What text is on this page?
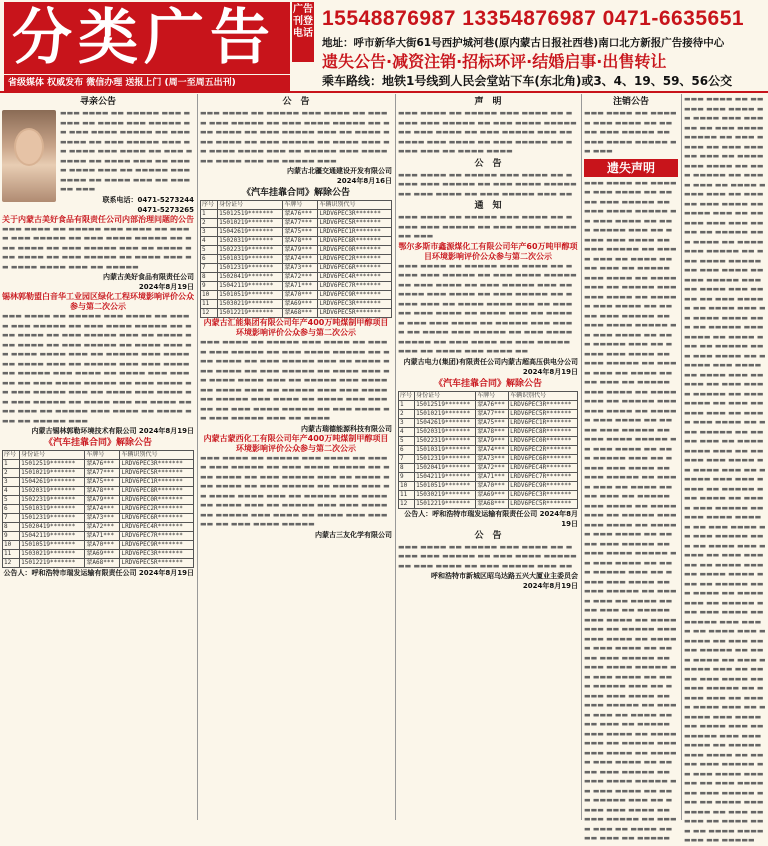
分类广告
省级媒体 权威发布 微信办理 送报上门 (周一至周五出刊)
广告刊登电话
15548876987 13354876987 0471-6635651
地址：呼市新华大街61号西护城河巷(原内蒙古日报社西巷)南口北方新报广告接待中心
遗失公告·减资注销·招标环评·结婚启事·出售转让
乘车路线：地铁1号线到人民会堂站下车(东北角)或3、4、19、59、56公交
寻亲公告
▬▬▬ ▬▬▬▬ ▬▬ ▬▬▬▬▬ ▬▬▬ ▬▬▬▬ ▬▬ ▬▬▬▬ ▬▬▬ ▬▬▬▬▬ ▬▬ ▬▬▬ ▬▬▬▬ ▬▬▬▬▬ ▬▬ ▬▬▬ ▬▬▬▬ ▬▬ ▬▬▬ ▬▬▬▬▬ ▬▬▬ ▬▬ ▬▬▬▬ ▬▬▬ ▬▬▬▬ ▬▬ ▬▬▬ ▬▬▬▬▬ ▬▬ ▬▬▬▬ ▬▬▬ ▬▬ ▬▬▬▬ ▬▬▬▬ ▬▬▬ ▬▬ ▬▬▬▬▬ ▬▬▬ ▬▬▬▬ ▬▬ ▬▬▬▬ ▬▬▬ ▬▬ ▬▬▬▬▬ ▬▬▬
联系电话：0471-5273244
0471-5273265
关于内蒙古美好食品有限责任公司内部治理问题的公告
▬▬▬ ▬▬▬▬ ▬▬ ▬▬▬▬▬ ▬▬▬ ▬▬▬▬ ▬▬ ▬▬▬▬ ▬▬▬ ▬▬▬▬▬ ▬▬ ▬▬▬ ▬▬▬▬ ▬▬▬▬▬ ▬▬ ▬▬▬ ▬▬▬▬ ▬▬ ▬▬▬ ▬▬▬▬▬ ▬▬▬ ▬▬ ▬▬▬▬ ▬▬▬ ▬▬▬▬ ▬▬ ▬▬▬ ▬▬▬▬▬ ▬▬ ▬▬▬▬ ▬▬▬ ▬▬ ▬▬▬▬ ▬▬▬▬ ▬▬▬ ▬▬ ▬▬▬▬▬
内蒙古美好食品有限责任公司
2024年8月19日
锡林郭勒盟白音华工业园区绿化工程环境影响评价公众参与第二次公示
▬▬▬ ▬▬▬▬ ▬▬ ▬▬▬▬▬ ▬▬▬ ▬▬▬▬ ▬▬ ▬▬▬▬ ▬▬▬ ▬▬▬▬▬ ▬▬ ▬▬▬ ▬▬▬▬ ▬▬▬▬▬ ▬▬ ▬▬▬ ▬▬▬▬ ▬▬ ▬▬▬ ▬▬▬▬▬ ▬▬▬ ▬▬ ▬▬▬▬ ▬▬▬ ▬▬▬▬ ▬▬ ▬▬▬ ▬▬▬▬▬ ▬▬ ▬▬▬▬ ▬▬▬ ▬▬ ▬▬▬▬ ▬▬▬▬ ▬▬▬ ▬▬ ▬▬▬▬▬ ▬▬▬ ▬▬▬▬ ▬▬ ▬▬▬▬ ▬▬▬ ▬▬ ▬▬▬▬▬ ▬▬▬ ▬▬▬ ▬▬▬▬ ▬▬ ▬▬▬▬▬ ▬▬▬ ▬▬▬▬ ▬▬ ▬▬▬▬ ▬▬▬ ▬▬▬▬▬ ▬▬ ▬▬▬ ▬▬▬▬ ▬▬▬▬▬ ▬▬ ▬▬▬ ▬▬▬▬ ▬▬ ▬▬▬ ▬▬▬▬▬ ▬▬▬ ▬▬ ▬▬▬▬ ▬▬▬ ▬▬▬▬ ▬▬ ▬▬▬ ▬▬▬▬▬ ▬▬ ▬▬▬▬ ▬▬▬ ▬▬ ▬▬▬▬ ▬▬▬▬ ▬▬▬ ▬▬ ▬▬▬▬▬ ▬▬▬ ▬▬▬▬ ▬▬ ▬▬▬▬ ▬▬▬ ▬▬ ▬▬▬▬▬ ▬▬▬
内蒙古锡林郭勒环境技术有限公司 2024年8月19日
《汽车挂靠合同》解除公告
序号	身份证号	车牌号	车辆识别代号
1	15012519*******	蒙A76***	LRDV6PEC3R*******
2	15010219*******	蒙A77***	LRDV6PEC5R*******
3	15042619*******	蒙A75***	LRDV6PEC1R*******
4	15020319*******	蒙A78***	LRDV6PEC8R*******
5	15022319*******	蒙A79***	LRDV6PEC0R*******
6	15010319*******	蒙A74***	LRDV6PEC2R*******
7	15012319*******	蒙A73***	LRDV6PEC6R*******
8	15020419*******	蒙A72***	LRDV6PEC4R*******
9	15042119*******	蒙A71***	LRDV6PEC7R*******
10	15010519*******	蒙A70***	LRDV6PEC9R*******
11	15030219*******	蒙A69***	LRDV6PEC3R*******
12	15012219*******	蒙A68***	LRDV6PEC5R*******
公告人：呼和浩特市瑞发运输有限责任公司 2024年8月19日
公　告
▬▬▬ ▬▬▬▬ ▬▬ ▬▬▬▬▬ ▬▬▬ ▬▬▬▬ ▬▬ ▬▬▬▬ ▬▬▬ ▬▬▬▬▬ ▬▬ ▬▬▬ ▬▬▬▬ ▬▬▬▬▬ ▬▬ ▬▬▬ ▬▬▬▬ ▬▬ ▬▬▬ ▬▬▬▬▬ ▬▬▬ ▬▬ ▬▬▬▬ ▬▬▬ ▬▬▬▬ ▬▬ ▬▬▬ ▬▬▬▬▬ ▬▬ ▬▬▬▬ ▬▬▬ ▬▬ ▬▬▬▬ ▬▬▬▬ ▬▬▬ ▬▬ ▬▬▬▬▬ ▬▬▬ ▬▬▬▬ ▬▬ ▬▬▬▬ ▬▬▬ ▬▬ ▬▬▬▬▬ ▬▬▬
内蒙古北疆交通建设开发有限公司
2024年8月16日
《汽车挂靠合同》解除公告
序号	身份证号	车牌号	车辆识别代号
1	15012519*******	蒙A76***	LRDV6PEC3R*******
2	15010219*******	蒙A77***	LRDV6PEC5R*******
3	15042619*******	蒙A75***	LRDV6PEC1R*******
4	15020319*******	蒙A78***	LRDV6PEC8R*******
5	15022319*******	蒙A79***	LRDV6PEC0R*******
6	15010319*******	蒙A74***	LRDV6PEC2R*******
7	15012319*******	蒙A73***	LRDV6PEC6R*******
8	15020419*******	蒙A72***	LRDV6PEC4R*******
9	15042119*******	蒙A71***	LRDV6PEC7R*******
10	15010519*******	蒙A70***	LRDV6PEC9R*******
11	15030219*******	蒙A69***	LRDV6PEC3R*******
12	15012219*******	蒙A68***	LRDV6PEC5R*******
内蒙古汇能集团有限公司年产400万吨煤制甲醇项目环境影响评价公众参与第二次公示
▬▬▬ ▬▬▬▬ ▬▬ ▬▬▬▬▬ ▬▬▬ ▬▬▬▬ ▬▬ ▬▬▬▬ ▬▬▬ ▬▬▬▬▬ ▬▬ ▬▬▬ ▬▬▬▬ ▬▬▬▬▬ ▬▬ ▬▬▬ ▬▬▬▬ ▬▬ ▬▬▬ ▬▬▬▬▬ ▬▬▬ ▬▬ ▬▬▬▬ ▬▬▬ ▬▬▬▬ ▬▬ ▬▬▬ ▬▬▬▬▬ ▬▬ ▬▬▬▬ ▬▬▬ ▬▬ ▬▬▬▬ ▬▬▬▬ ▬▬▬ ▬▬ ▬▬▬▬▬ ▬▬▬ ▬▬▬▬ ▬▬ ▬▬▬▬ ▬▬▬ ▬▬ ▬▬▬▬▬ ▬▬▬ ▬▬▬ ▬▬▬▬ ▬▬ ▬▬▬▬▬ ▬▬▬ ▬▬▬▬ ▬▬ ▬▬▬▬ ▬▬▬ ▬▬▬▬▬ ▬▬ ▬▬▬ ▬▬▬▬ ▬▬▬▬▬ ▬▬ ▬▬▬ ▬▬▬▬ ▬▬ ▬▬▬ ▬▬▬▬▬ ▬▬▬ ▬▬ ▬▬▬▬
内蒙古瑞德能源科技有限公司
内蒙古蒙西化工有限公司年产400万吨煤制甲醇项目环境影响评价公众参与第二次公示
▬▬▬ ▬▬▬▬ ▬▬ ▬▬▬▬▬ ▬▬▬ ▬▬▬▬ ▬▬ ▬▬▬▬ ▬▬▬ ▬▬▬▬▬ ▬▬ ▬▬▬ ▬▬▬▬ ▬▬▬▬▬ ▬▬ ▬▬▬ ▬▬▬▬ ▬▬ ▬▬▬ ▬▬▬▬▬ ▬▬▬ ▬▬ ▬▬▬▬ ▬▬▬ ▬▬▬▬ ▬▬ ▬▬▬ ▬▬▬▬▬ ▬▬ ▬▬▬▬ ▬▬▬ ▬▬ ▬▬▬▬ ▬▬▬▬ ▬▬▬ ▬▬ ▬▬▬▬▬ ▬▬▬ ▬▬▬▬ ▬▬ ▬▬▬▬ ▬▬▬ ▬▬ ▬▬▬▬▬ ▬▬▬ ▬▬▬ ▬▬▬▬ ▬▬ ▬▬▬▬▬ ▬▬▬ ▬▬▬▬ ▬▬ ▬▬▬▬ ▬▬▬ ▬▬▬▬▬ ▬▬ ▬▬▬ ▬▬▬▬ ▬▬▬▬▬
内蒙古三友化学有限公司
声　明
▬▬▬ ▬▬▬▬ ▬▬ ▬▬▬▬▬ ▬▬▬ ▬▬▬▬ ▬▬ ▬▬▬▬ ▬▬▬ ▬▬▬▬▬ ▬▬ ▬▬▬ ▬▬▬▬ ▬▬▬▬▬ ▬▬ ▬▬▬ ▬▬▬▬ ▬▬ ▬▬▬ ▬▬▬▬▬ ▬▬▬ ▬▬ ▬▬▬▬ ▬▬▬ ▬▬▬▬ ▬▬ ▬▬▬ ▬▬▬▬▬ ▬▬ ▬▬▬▬ ▬▬▬ ▬▬ ▬▬▬▬ ▬▬▬▬
公　告
▬▬▬ ▬▬▬▬ ▬▬ ▬▬▬▬▬ ▬▬▬ ▬▬▬▬ ▬▬ ▬▬▬▬ ▬▬▬ ▬▬▬▬▬ ▬▬ ▬▬▬ ▬▬▬▬ ▬▬▬▬▬ ▬▬ ▬▬▬ ▬▬▬▬ ▬▬ ▬▬▬ ▬▬▬▬▬ ▬▬▬ ▬▬
通　知
▬▬▬ ▬▬▬▬ ▬▬ ▬▬▬▬▬ ▬▬▬ ▬▬▬▬ ▬▬ ▬▬▬▬ ▬▬▬ ▬▬▬▬▬ ▬▬ ▬▬▬ ▬▬▬▬ ▬▬▬▬▬ ▬▬ ▬▬▬
鄂尔多斯市鑫源煤化工有限公司年产60万吨甲醇项目环境影响评价公众参与第二次公示
▬▬▬ ▬▬▬▬ ▬▬ ▬▬▬▬▬ ▬▬▬ ▬▬▬▬ ▬▬ ▬▬▬▬ ▬▬▬ ▬▬▬▬▬ ▬▬ ▬▬▬ ▬▬▬▬ ▬▬▬▬▬ ▬▬ ▬▬▬ ▬▬▬▬ ▬▬ ▬▬▬ ▬▬▬▬▬ ▬▬▬ ▬▬ ▬▬▬▬ ▬▬▬ ▬▬▬▬ ▬▬ ▬▬▬ ▬▬▬▬▬ ▬▬ ▬▬▬▬ ▬▬▬ ▬▬ ▬▬▬▬ ▬▬▬▬ ▬▬▬ ▬▬ ▬▬▬▬▬ ▬▬▬ ▬▬▬▬ ▬▬ ▬▬▬▬ ▬▬▬ ▬▬ ▬▬▬▬▬ ▬▬▬ ▬▬▬ ▬▬▬▬ ▬▬ ▬▬▬▬▬ ▬▬▬ ▬▬▬▬ ▬▬ ▬▬▬▬ ▬▬▬ ▬▬▬▬▬ ▬▬ ▬▬▬ ▬▬▬▬ ▬▬▬▬▬ ▬▬ ▬▬▬ ▬▬▬▬ ▬▬ ▬▬▬ ▬▬▬▬▬ ▬▬▬ ▬▬ ▬▬▬▬ ▬▬▬ ▬▬▬▬ ▬▬
内蒙古电力(集团)有限责任公司内蒙古超高压供电分公司
2024年8月19日
《汽车挂靠合同》解除公告
序号	身份证号	车牌号	车辆识别代号
1	15012519*******	蒙A76***	LRDV6PEC3R*******
2	15010219*******	蒙A77***	LRDV6PEC5R*******
3	15042619*******	蒙A75***	LRDV6PEC1R*******
4	15020319*******	蒙A78***	LRDV6PEC8R*******
5	15022319*******	蒙A79***	LRDV6PEC0R*******
6	15010319*******	蒙A74***	LRDV6PEC2R*******
7	15012319*******	蒙A73***	LRDV6PEC6R*******
8	15020419*******	蒙A72***	LRDV6PEC4R*******
9	15042119*******	蒙A71***	LRDV6PEC7R*******
10	15010519*******	蒙A70***	LRDV6PEC9R*******
11	15030219*******	蒙A69***	LRDV6PEC3R*******
12	15012219*******	蒙A68***	LRDV6PEC5R*******
公告人：呼和浩特市瑞发运输有限责任公司 2024年8月19日
公　告
▬▬▬ ▬▬▬▬ ▬▬ ▬▬▬▬▬ ▬▬▬ ▬▬▬▬ ▬▬ ▬▬▬▬ ▬▬▬ ▬▬▬▬▬ ▬▬ ▬▬▬ ▬▬▬▬ ▬▬▬▬▬ ▬▬ ▬▬▬ ▬▬▬▬ ▬▬ ▬▬▬ ▬▬▬▬▬ ▬▬▬ ▬▬
呼和浩特市新城区昭乌达路五兴大厦业主委员会
2024年8月19日
注销公告
▬▬▬ ▬▬▬▬ ▬▬ ▬▬▬▬▬ ▬▬▬ ▬▬▬▬ ▬▬ ▬▬▬▬ ▬▬▬ ▬▬▬▬▬ ▬▬ ▬▬▬ ▬▬▬▬ ▬▬▬▬▬ ▬▬ ▬▬▬
遗失声明
▬▬▬ ▬▬▬▬ ▬▬ ▬▬▬▬▬ ▬▬▬ ▬▬▬▬ ▬▬ ▬▬▬▬ ▬▬▬ ▬▬▬▬▬ ▬▬ ▬▬▬ ▬▬▬▬ ▬▬▬▬▬ ▬▬ ▬▬▬ ▬▬▬▬ ▬▬ ▬▬▬ ▬▬▬▬▬ ▬▬▬ ▬▬ ▬▬▬▬ ▬▬▬ ▬▬▬▬ ▬▬ ▬▬▬ ▬▬▬▬▬ ▬▬ ▬▬▬▬ ▬▬▬ ▬▬ ▬▬▬▬ ▬▬▬▬ ▬▬▬ ▬▬ ▬▬▬▬▬ ▬▬▬ ▬▬▬▬ ▬▬ ▬▬▬▬ ▬▬▬ ▬▬ ▬▬▬▬▬ ▬▬▬ ▬▬▬ ▬▬▬▬ ▬▬ ▬▬▬▬▬ ▬▬▬ ▬▬▬▬ ▬▬ ▬▬▬▬ ▬▬▬ ▬▬▬▬▬ ▬▬ ▬▬▬ ▬▬▬▬ ▬▬▬▬▬ ▬▬ ▬▬▬ ▬▬▬▬ ▬▬ ▬▬▬ ▬▬▬▬▬ ▬▬▬ ▬▬ ▬▬▬▬ ▬▬▬ ▬▬▬▬ ▬▬ ▬▬▬ ▬▬▬▬▬ ▬▬ ▬▬▬▬ ▬▬▬ ▬▬ ▬▬▬▬ ▬▬▬▬ ▬▬▬ ▬▬ ▬▬▬▬▬ ▬▬▬ ▬▬▬▬ ▬▬ ▬▬▬▬ ▬▬▬ ▬▬ ▬▬▬▬▬ ▬▬▬ ▬▬▬ ▬▬▬▬ ▬▬ ▬▬▬▬▬ ▬▬▬ ▬▬▬▬ ▬▬ ▬▬▬▬ ▬▬▬ ▬▬▬▬▬ ▬▬ ▬▬▬ ▬▬▬▬ ▬▬▬▬▬ ▬▬ ▬▬▬ ▬▬▬▬ ▬▬ ▬▬▬ ▬▬▬▬▬ ▬▬▬ ▬▬ ▬▬▬▬ ▬▬▬ ▬▬▬▬ ▬▬ ▬▬▬ ▬▬▬▬▬ ▬▬ ▬▬▬▬ ▬▬▬ ▬▬ ▬▬▬▬ ▬▬▬▬ ▬▬▬ ▬▬ ▬▬▬▬▬ ▬▬▬ ▬▬▬▬ ▬▬ ▬▬▬▬ ▬▬▬ ▬▬ ▬▬▬▬▬ ▬▬▬ ▬▬▬ ▬▬▬▬ ▬▬ ▬▬▬▬▬ ▬▬▬ ▬▬▬▬ ▬▬ ▬▬▬▬ ▬▬▬ ▬▬▬▬▬ ▬▬ ▬▬▬ ▬▬▬▬ ▬▬▬▬▬ ▬▬ ▬▬▬ ▬▬▬▬ ▬▬ ▬▬▬ ▬▬▬▬▬ ▬▬▬ ▬▬ ▬▬▬▬ ▬▬▬ ▬▬▬▬ ▬▬ ▬▬▬ ▬▬▬▬▬ ▬▬ ▬▬▬▬ ▬▬▬ ▬▬ ▬▬▬▬ ▬▬▬▬ ▬▬▬ ▬▬ ▬▬▬▬▬ ▬▬▬ ▬▬▬▬ ▬▬ ▬▬▬▬ ▬▬▬ ▬▬ ▬▬▬▬▬ ▬▬▬ ▬▬▬ ▬▬▬▬ ▬▬ ▬▬▬▬▬ ▬▬▬ ▬▬▬▬ ▬▬ ▬▬▬▬ ▬▬▬ ▬▬▬▬▬ ▬▬ ▬▬▬ ▬▬▬▬ ▬▬▬▬▬ ▬▬ ▬▬▬ ▬▬▬▬ ▬▬ ▬▬▬ ▬▬▬▬▬ ▬▬▬ ▬▬ ▬▬▬▬ ▬▬▬ ▬▬▬▬ ▬▬ ▬▬▬ ▬▬▬▬▬ ▬▬ ▬▬▬▬ ▬▬▬ ▬▬ ▬▬▬▬ ▬▬▬▬ ▬▬▬ ▬▬ ▬▬▬▬▬ ▬▬▬ ▬▬▬▬ ▬▬ ▬▬▬▬ ▬▬▬ ▬▬ ▬▬▬▬▬ ▬▬▬ ▬▬▬ ▬▬▬▬ ▬▬ ▬▬▬▬▬ ▬▬▬ ▬▬▬▬ ▬▬ ▬▬▬▬ ▬▬▬ ▬▬▬▬▬ ▬▬ ▬▬▬ ▬▬▬▬ ▬▬▬▬▬ ▬▬ ▬▬▬ ▬▬▬▬ ▬▬ ▬▬▬ ▬▬▬▬▬ ▬▬▬ ▬▬ ▬▬▬▬ ▬▬▬ ▬▬▬▬ ▬▬ ▬▬▬ ▬▬▬▬▬ ▬▬ ▬▬▬▬ ▬▬▬ ▬▬ ▬▬▬▬ ▬▬▬▬ ▬▬▬ ▬▬ ▬▬▬▬▬
▬▬▬ ▬▬▬▬ ▬▬ ▬▬▬▬▬ ▬▬▬ ▬▬▬▬ ▬▬ ▬▬▬▬ ▬▬▬ ▬▬▬▬▬ ▬▬ ▬▬▬ ▬▬▬▬ ▬▬▬▬▬ ▬▬ ▬▬▬ ▬▬▬▬ ▬▬ ▬▬▬ ▬▬▬▬▬ ▬▬▬ ▬▬ ▬▬▬▬ ▬▬▬ ▬▬▬▬ ▬▬ ▬▬▬ ▬▬▬▬▬ ▬▬ ▬▬▬▬ ▬▬▬ ▬▬ ▬▬▬▬ ▬▬▬▬ ▬▬▬ ▬▬ ▬▬▬▬▬ ▬▬▬ ▬▬▬▬ ▬▬ ▬▬▬▬ ▬▬▬ ▬▬ ▬▬▬▬▬ ▬▬▬ ▬▬▬ ▬▬▬▬ ▬▬ ▬▬▬▬▬ ▬▬▬ ▬▬▬▬ ▬▬ ▬▬▬▬ ▬▬▬ ▬▬▬▬▬ ▬▬ ▬▬▬ ▬▬▬▬ ▬▬▬▬▬ ▬▬ ▬▬▬ ▬▬▬▬ ▬▬ ▬▬▬ ▬▬▬▬▬ ▬▬▬ ▬▬ ▬▬▬▬ ▬▬▬ ▬▬▬▬ ▬▬ ▬▬▬ ▬▬▬▬▬ ▬▬ ▬▬▬▬ ▬▬▬ ▬▬ ▬▬▬▬ ▬▬▬▬ ▬▬▬ ▬▬ ▬▬▬▬▬ ▬▬▬ ▬▬▬▬ ▬▬ ▬▬▬▬ ▬▬▬ ▬▬ ▬▬▬▬▬ ▬▬▬ ▬▬▬ ▬▬▬▬ ▬▬ ▬▬▬▬▬ ▬▬▬ ▬▬▬▬ ▬▬ ▬▬▬▬ ▬▬▬ ▬▬▬▬▬ ▬▬ ▬▬▬ ▬▬▬▬ ▬▬▬▬▬ ▬▬ ▬▬▬ ▬▬▬▬ ▬▬ ▬▬▬ ▬▬▬▬▬ ▬▬▬ ▬▬ ▬▬▬▬ ▬▬▬ ▬▬▬▬ ▬▬ ▬▬▬ ▬▬▬▬▬ ▬▬ ▬▬▬▬ ▬▬▬ ▬▬ ▬▬▬▬ ▬▬▬▬ ▬▬▬ ▬▬ ▬▬▬▬▬ ▬▬▬ ▬▬▬▬ ▬▬ ▬▬▬▬ ▬▬▬ ▬▬ ▬▬▬▬▬ ▬▬▬ ▬▬▬ ▬▬▬▬ ▬▬ ▬▬▬▬▬ ▬▬▬ ▬▬▬▬ ▬▬ ▬▬▬▬ ▬▬▬ ▬▬▬▬▬ ▬▬ ▬▬▬ ▬▬▬▬ ▬▬▬▬▬ ▬▬ ▬▬▬ ▬▬▬▬ ▬▬ ▬▬▬ ▬▬▬▬▬ ▬▬▬ ▬▬ ▬▬▬▬ ▬▬▬ ▬▬▬▬ ▬▬ ▬▬▬ ▬▬▬▬▬ ▬▬ ▬▬▬▬ ▬▬▬ ▬▬ ▬▬▬▬ ▬▬▬▬ ▬▬▬ ▬▬ ▬▬▬▬▬ ▬▬▬ ▬▬▬▬ ▬▬ ▬▬▬▬ ▬▬▬ ▬▬ ▬▬▬▬▬ ▬▬▬ ▬▬▬ ▬▬▬▬ ▬▬ ▬▬▬▬▬ ▬▬▬ ▬▬▬▬ ▬▬ ▬▬▬▬ ▬▬▬ ▬▬▬▬▬ ▬▬ ▬▬▬ ▬▬▬▬ ▬▬▬▬▬ ▬▬ ▬▬▬ ▬▬▬▬ ▬▬ ▬▬▬ ▬▬▬▬▬ ▬▬▬ ▬▬ ▬▬▬▬ ▬▬▬ ▬▬▬▬ ▬▬ ▬▬▬ ▬▬▬▬▬ ▬▬ ▬▬▬▬ ▬▬▬ ▬▬ ▬▬▬▬ ▬▬▬▬ ▬▬▬ ▬▬ ▬▬▬▬▬ ▬▬▬ ▬▬▬▬ ▬▬ ▬▬▬▬ ▬▬▬ ▬▬ ▬▬▬▬▬ ▬▬▬ ▬▬▬ ▬▬▬▬ ▬▬ ▬▬▬▬▬ ▬▬▬ ▬▬▬▬ ▬▬ ▬▬▬▬ ▬▬▬ ▬▬▬▬▬ ▬▬ ▬▬▬ ▬▬▬▬ ▬▬▬▬▬ ▬▬ ▬▬▬ ▬▬▬▬ ▬▬ ▬▬▬ ▬▬▬▬▬ ▬▬▬ ▬▬ ▬▬▬▬ ▬▬▬ ▬▬▬▬ ▬▬ ▬▬▬ ▬▬▬▬▬ ▬▬ ▬▬▬▬ ▬▬▬ ▬▬ ▬▬▬▬ ▬▬▬▬ ▬▬▬ ▬▬ ▬▬▬▬▬
